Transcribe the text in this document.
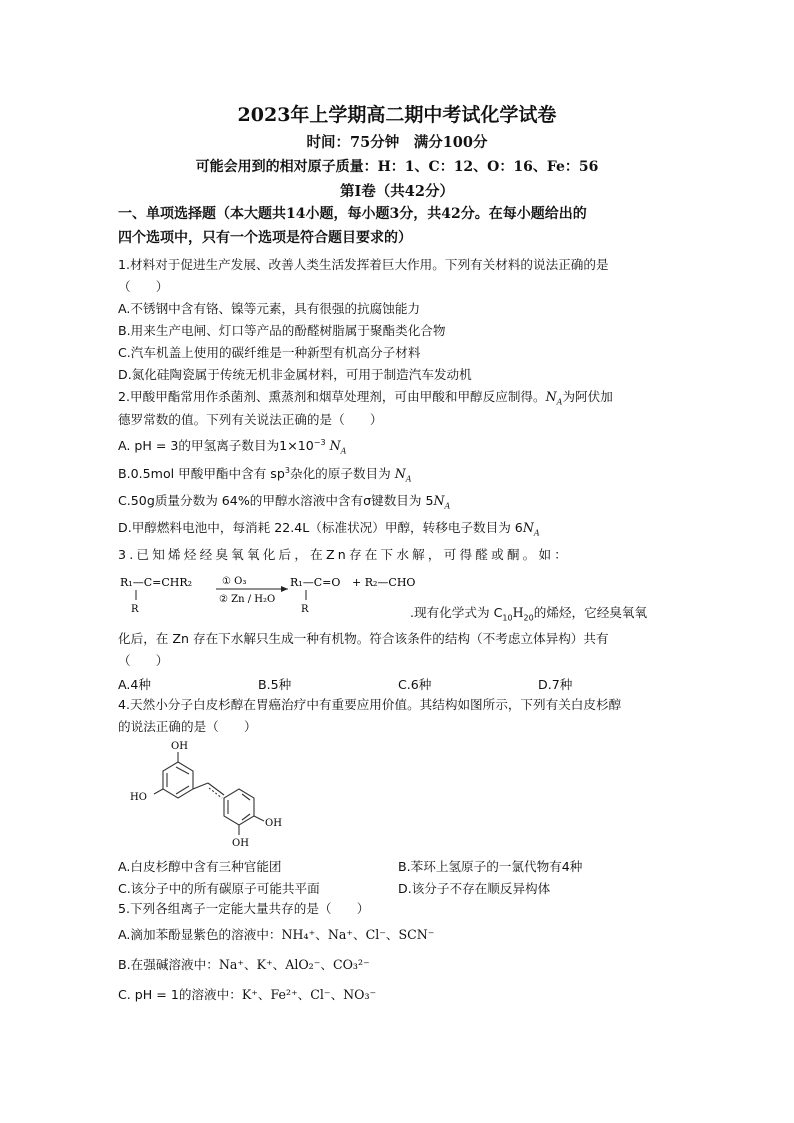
2023年上学期高二期中考试化学试卷
时间：75分钟　满分100分
可能会用到的相对原子质量：H：1、C：12、O：16、Fe：56
第Ⅰ卷（共42分）
一、单项选择题（本大题共14小题，每小题3分，共42分。在每小题给出的
四个选项中，只有一个选项是符合题目要求的）
1.材料对于促进生产发展、改善人类生活发挥着巨大作用。下列有关材料的说法正确的是
（　　）
A.不锈钢中含有铬、镍等元素，具有很强的抗腐蚀能力
B.用来生产电闸、灯口等产品的酚醛树脂属于聚酯类化合物
C.汽车机盖上使用的碳纤维是一种新型有机高分子材料
D.氮化硅陶瓷属于传统无机非金属材料，可用于制造汽车发动机
2.甲酸甲酯常用作杀菌剂、熏蒸剂和烟草处理剂，可由甲酸和甲醇反应制得。$N_A$为阿伏加
德罗常数的值。下列有关说法正确的是（　　）
A. pH = 3的甲氢离子数目为$1\times 10^{-3}$ $N_A$
B.0.5mol 甲酸甲酯中含有 $sp^3$杂化的原子数目为 $N_A$
C.50g质量分数为 64%的甲醇水溶液中含有σ键数目为 $5N_A$
D.甲醇燃料电池中，每消耗 22.4L（标准状况）甲醇，转移电子数目为 $6N_A$
3.已知烯烃经臭氧氧化后，在Zn存在下水解，可得醛或酮。如：
R₁—C=CHR₂
R
① O₃
② Zn / H₂O
R₁—C=O
R
+ R₂—CHO
.现有化学式为 $C_{10}H_{20}$的烯烃，它经臭氧氧
化后，在 Zn 存在下水解只生成一种有机物。符合该条件的结构（不考虑立体异构）共有
（　　）
A.4种	B.5种	C.6种	D.7种
4.天然小分子白皮杉醇在胃癌治疗中有重要应用价值。其结构如图所示，下列有关白皮杉醇
的说法正确的是（　　）
OH
HO
OH
OH
A.白皮杉醇中含有三种官能团	B.苯环上氢原子的一氯代物有4种
C.该分子中的所有碳原子可能共平面	D.该分子不存在顺反异构体
5.下列各组离子一定能大量共存的是（　　）
A.滴加苯酚显紫色的溶液中：NH₄⁺、Na⁺、Cl⁻、SCN⁻
B.在强碱溶液中：Na⁺、K⁺、AlO₂⁻、CO₃²⁻
C. pH = 1的溶液中：K⁺、Fe²⁺、Cl⁻、NO₃⁻
